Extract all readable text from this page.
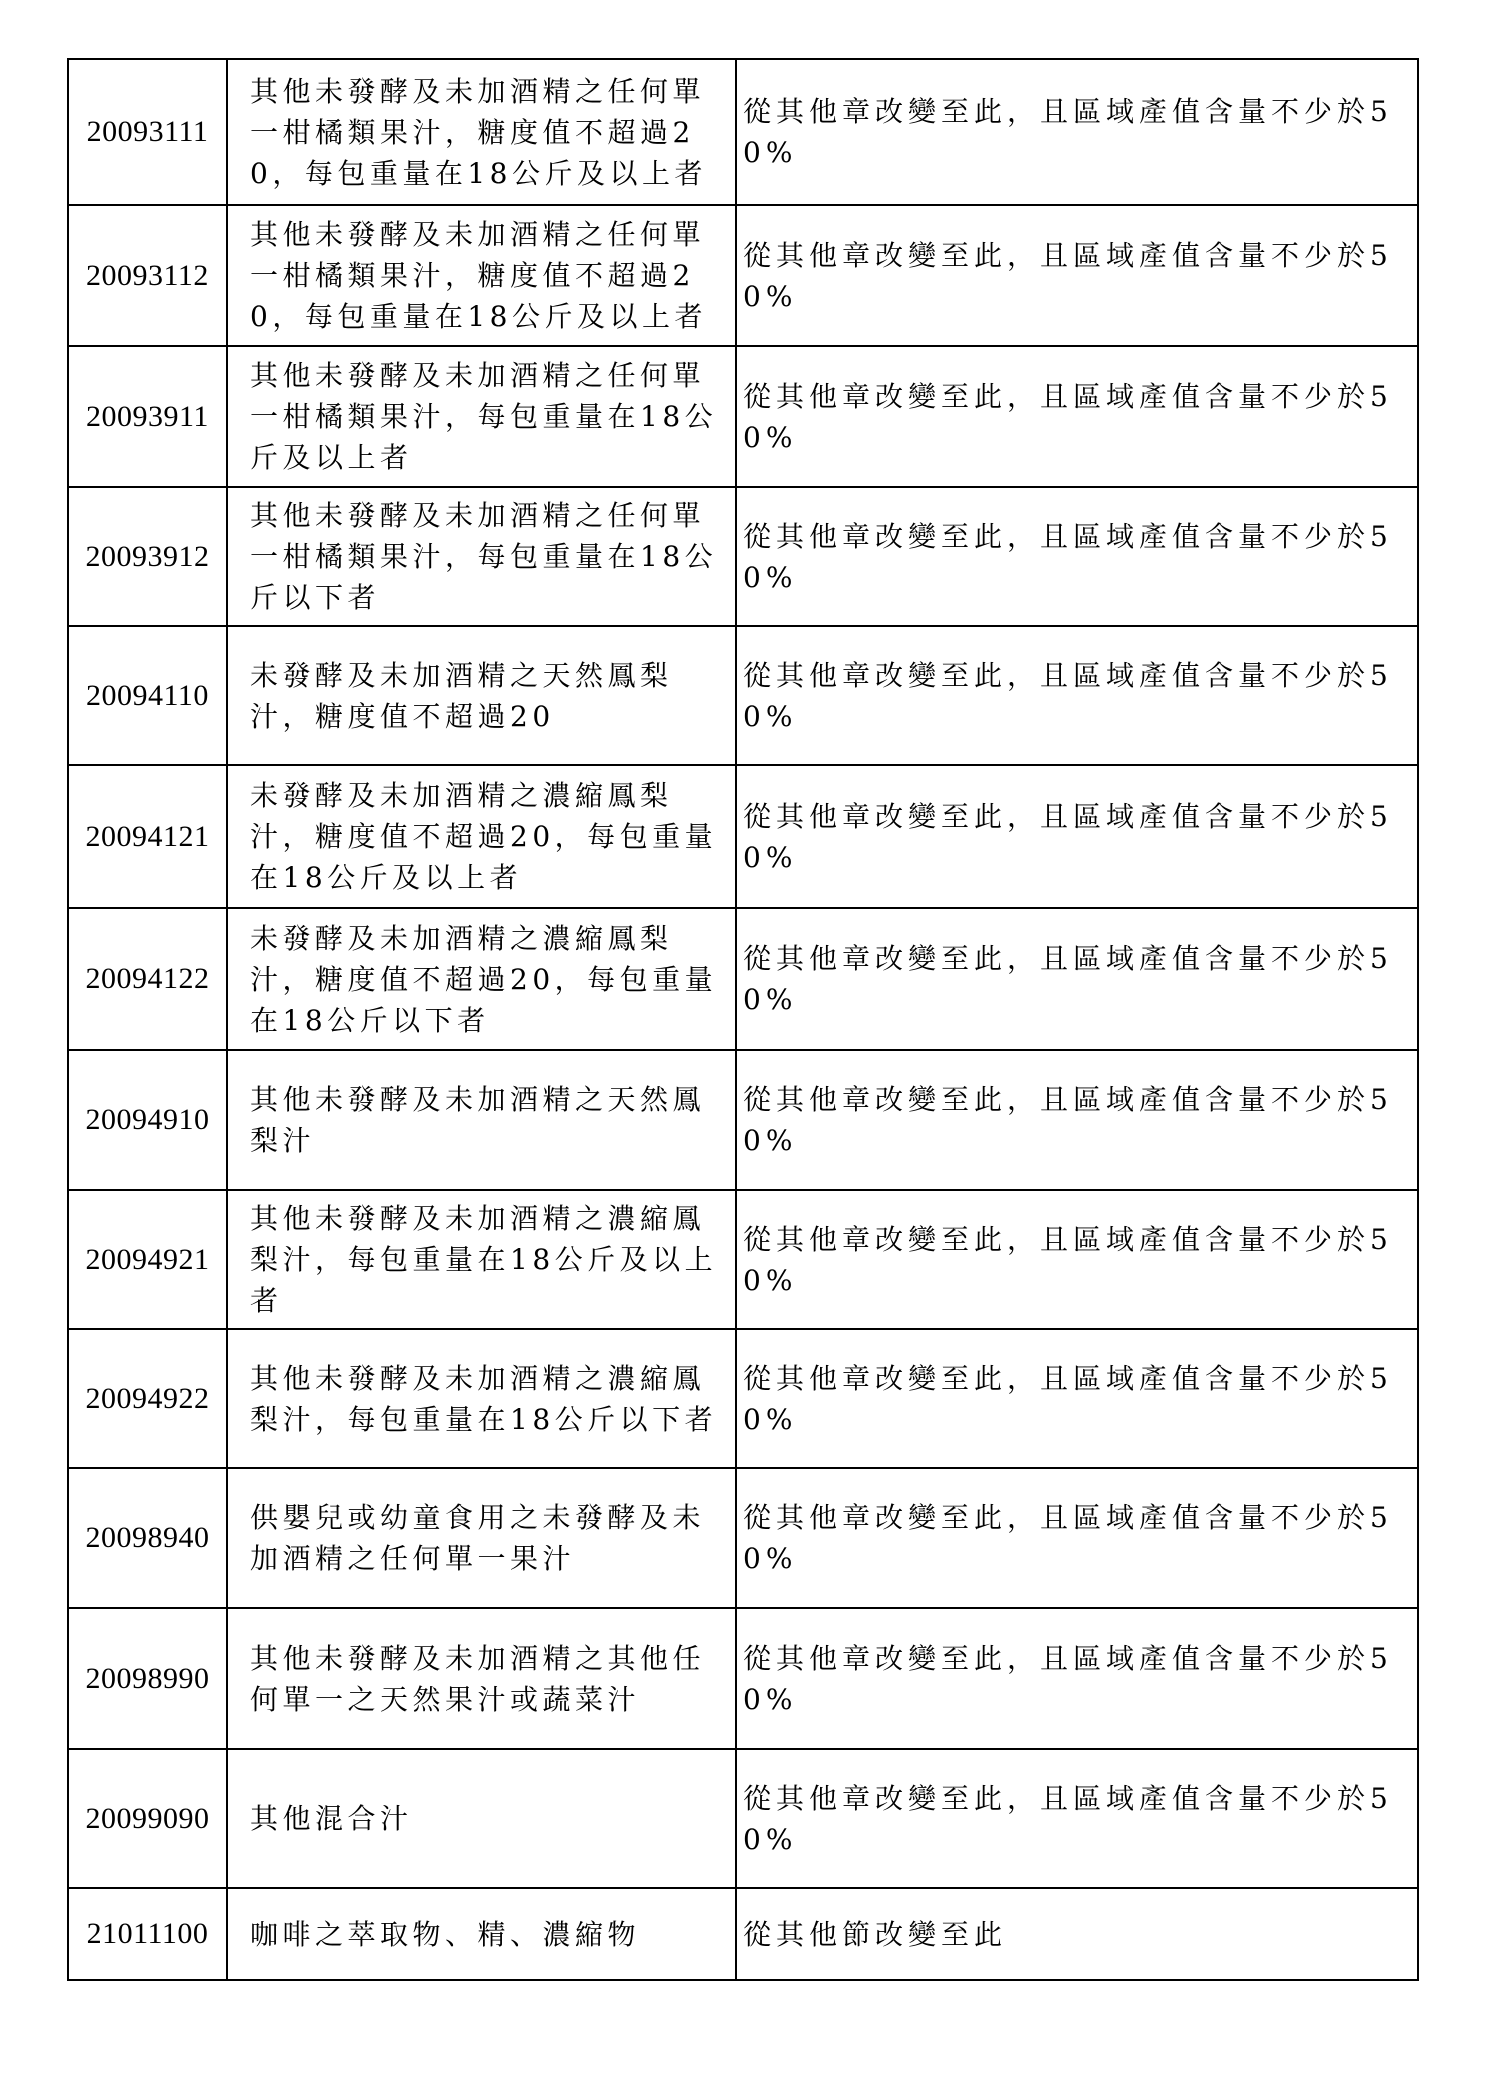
20093111	其他未發酵及未加酒精之任何單一柑橘類果汁，糖度值不超過20，每包重量在18公斤及以上者	從其他章改變至此，且區域產值含量不少於50%
20093112	其他未發酵及未加酒精之任何單一柑橘類果汁，糖度值不超過20，每包重量在18公斤及以上者	從其他章改變至此，且區域產值含量不少於50%
20093911	其他未發酵及未加酒精之任何單一柑橘類果汁，每包重量在18公斤及以上者	從其他章改變至此，且區域產值含量不少於50%
20093912	其他未發酵及未加酒精之任何單一柑橘類果汁，每包重量在18公斤以下者	從其他章改變至此，且區域產值含量不少於50%
20094110	未發酵及未加酒精之天然鳳梨汁，糖度值不超過20	從其他章改變至此，且區域產值含量不少於50%
20094121	未發酵及未加酒精之濃縮鳳梨汁，糖度值不超過20，每包重量在18公斤及以上者	從其他章改變至此，且區域產值含量不少於50%
20094122	未發酵及未加酒精之濃縮鳳梨汁，糖度值不超過20，每包重量在18公斤以下者	從其他章改變至此，且區域產值含量不少於50%
20094910	其他未發酵及未加酒精之天然鳳梨汁	從其他章改變至此，且區域產值含量不少於50%
20094921	其他未發酵及未加酒精之濃縮鳳梨汁，每包重量在18公斤及以上者	從其他章改變至此，且區域產值含量不少於50%
20094922	其他未發酵及未加酒精之濃縮鳳梨汁，每包重量在18公斤以下者	從其他章改變至此，且區域產值含量不少於50%
20098940	供嬰兒或幼童食用之未發酵及未加酒精之任何單一果汁	從其他章改變至此，且區域產值含量不少於50%
20098990	其他未發酵及未加酒精之其他任何單一之天然果汁或蔬菜汁	從其他章改變至此，且區域產值含量不少於50%
20099090	其他混合汁	從其他章改變至此，且區域產值含量不少於50%
21011100	咖啡之萃取物、精、濃縮物	從其他節改變至此
